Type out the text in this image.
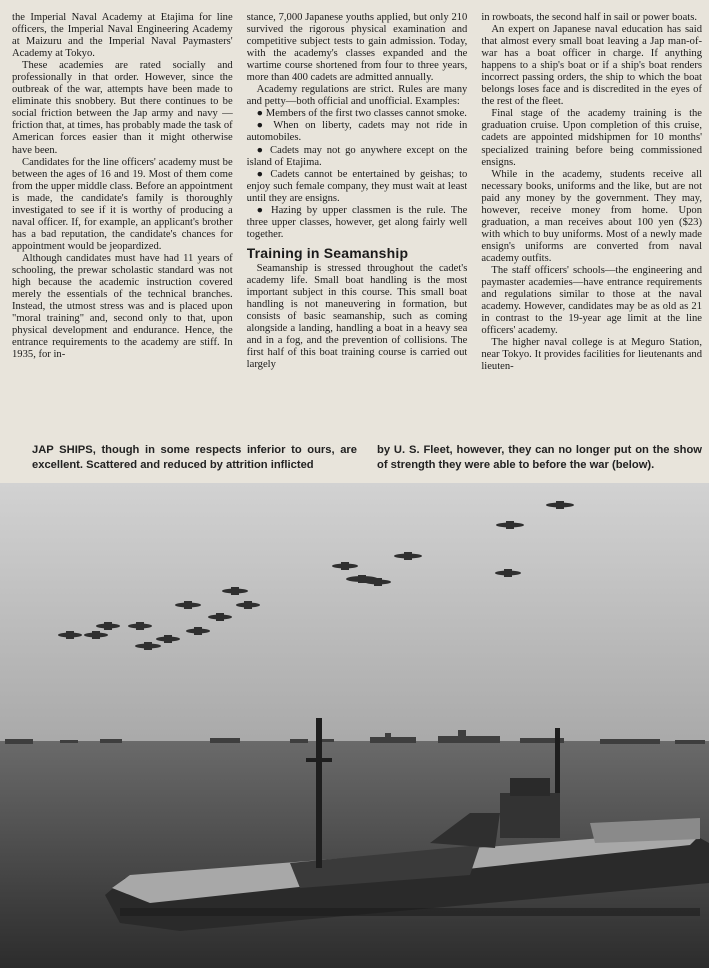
the Imperial Naval Academy at Etajima for line officers, the Imperial Naval Engineering Academy at Maizuru and the Imperial Naval Paymasters' Academy at Tokyo.

These academies are rated socially and professionally in that order. However, since the outbreak of the war, attempts have been made to eliminate this snobbery. But there continues to be social friction between the Jap army and navy — friction that, at times, has probably made the task of American forces easier than it might otherwise have been.

Candidates for the line officers' academy must be between the ages of 16 and 19. Most of them come from the upper middle class. Before an appointment is made, the candidate's family is thoroughly investigated to see if it is worthy of producing a naval officer. If, for example, an applicant's brother has a bad reputation, the candidate's chances for appointment would be jeopardized.

Although candidates must have had 11 years of schooling, the prewar scholastic standard was not high because the academic instruction covered merely the essentials of the technical branches. Instead, the utmost stress was and is placed upon "moral training" and, second only to that, upon physical development and endurance. Hence, the entrance requirements to the academy are stiff. In 1935, for in-

stance, 7,000 Japanese youths applied, but only 210 survived the rigorous physical examination and competitive subject tests to gain admission. Today, with the academy's classes expanded and the wartime course shortened from four to three years, more than 400 cadets are admitted annually.

Academy regulations are strict. Rules are many and petty—both official and unofficial. Examples:

● Members of the first two classes cannot smoke.

● When on liberty, cadets may not ride in automobiles.

● Cadets may not go anywhere except on the island of Etajima.

● Cadets cannot be entertained by geishas; to enjoy such female company, they must wait at least until they are ensigns.

● Hazing by upper classmen is the rule. The three upper classes, however, get along fairly well together.

Training in Seamanship

Seamanship is stressed throughout the cadet's academy life. Small boat handling is the most important subject in this course. This small boat handling is not maneuvering in formation, but consists of basic seamanship, such as coming alongside a landing, handling a boat in a heavy sea and in a fog, and the prevention of collisions. The first half of this boat training course is carried out largely

in rowboats, the second half in sail or power boats.

An expert on Japanese naval education has said that almost every small boat leaving a Jap man-of-war has a boat officer in charge. If anything happens to a ship's boat or if a ship's boat renders incorrect passing orders, the ship to which the boat belongs loses face and is discredited in the eyes of the rest of the fleet.

Final stage of the academy training is the graduation cruise. Upon completion of this cruise, cadets are appointed midshipmen for 10 months' specialized training before being commissioned ensigns.

While in the academy, students receive all necessary books, uniforms and the like, but are not paid any money by the government. They may, however, receive money from home. Upon graduation, a man receives about 100 yen ($23) with which to buy uniforms. Most of a newly made ensign's uniforms are converted from naval academy outfits.

The staff officers' schools—the engineering and paymaster academies—have entrance requirements and regulations similar to those at the naval academy. However, candidates may be as old as 21 in contrast to the 19-year age limit at the line officers' academy.

The higher naval college is at Meguro Station, near Tokyo. It provides facilities for lieutenants and lieuten-

JAP SHIPS, though in some respects inferior to ours, are excellent. Scattered and reduced by attrition inflicted
by U. S. Fleet, however, they can no longer put on the show of strength they were able to before the war (below).
